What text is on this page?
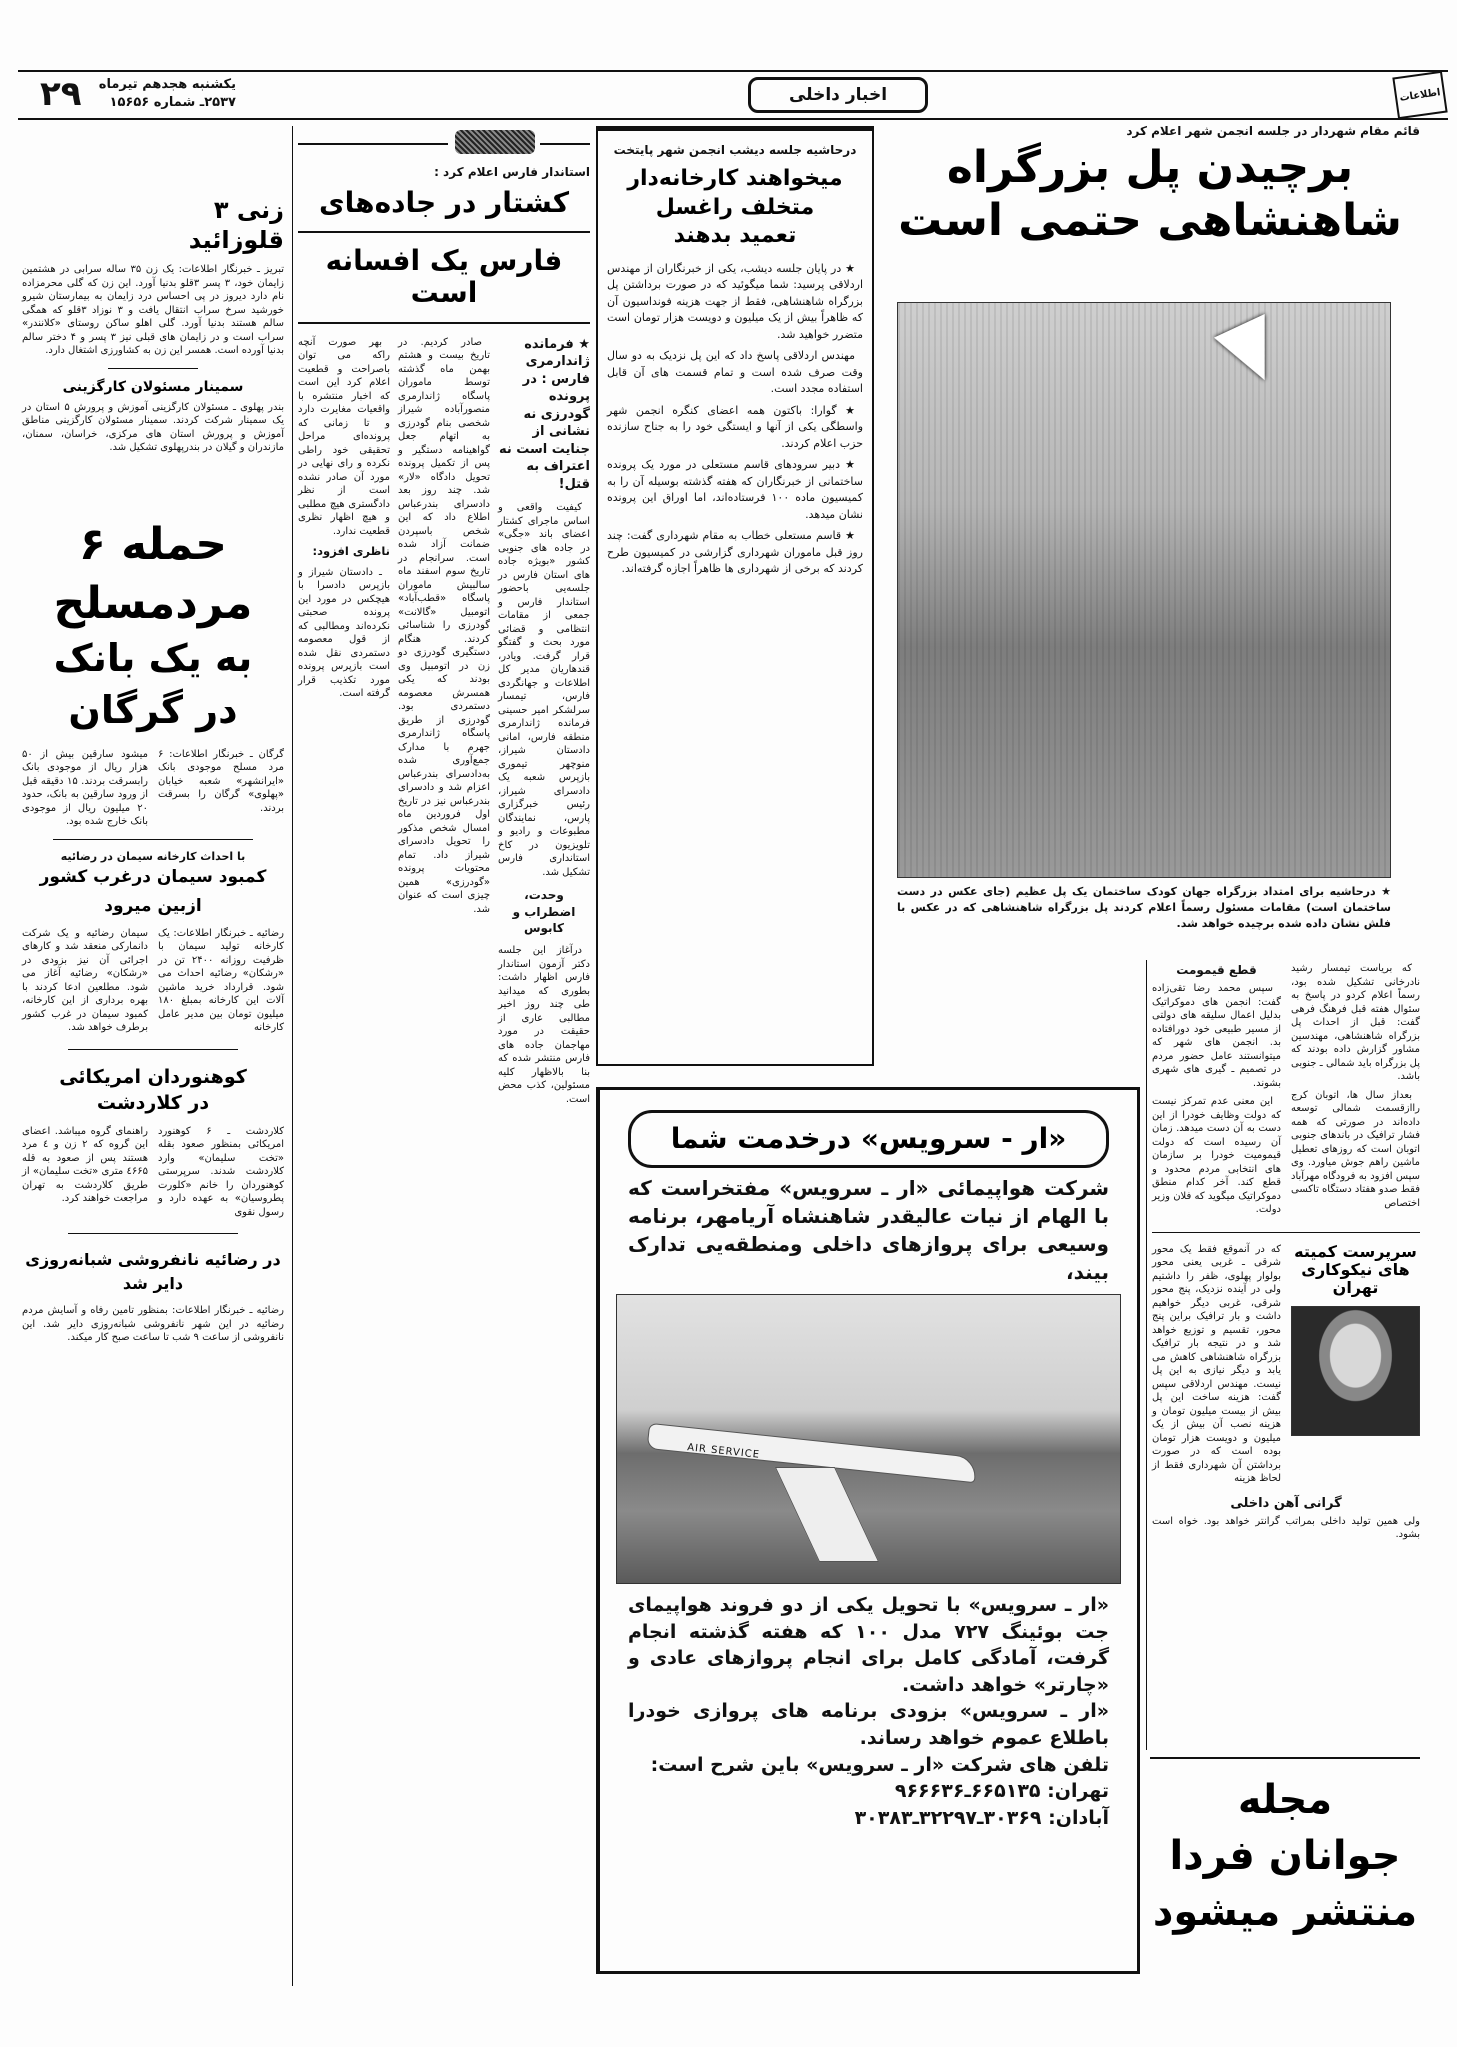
اطلاعات
اخبار داخلی
۲۹ یکشنبه هجدهم تیرماه
۲۵۳۷ـ شماره ۱۵۶۵۶
قائم مقام شهردار در جلسه انجمن شهر اعلام کرد
برچیدن پل بزرگراه
شاهنشاهی حتمی است
★ درحاشیه برای امتداد بزرگراه جهان کودک ساختمان یک پل عظیم (جای عکس در دست ساختمان است) مقامات مسئول رسماً اعلام کردند پل بزرگراه شاهنشاهی که در عکس با فلش نشان داده شده برچیده خواهد شد.

که بریاست تیمسار رشید نادرخانی تشکیل شده بود، رسماً اعلام کردو در پاسخ به سئوال هفته قبل فرهنگ فرهی گفت: قبل از احداث پل بزرگراه شاهنشاهی، مهندسین مشاور گزارش داده بودند که پل بزرگراه باید شمالی ـ جنوبی باشد.

بعداز سال ها، اتوبان کرج راازقسمت شمالی توسعه داده‌اند در صورتی که همه فشار ترافیک در باندهای جنوبی اتوبان است که روزهای تعطیل ماشین راهم جوش میاورد. وی سپس افزود به فرودگاه مهرآباد فقط صدو هفتاد دستگاه تاکسی اختصاص

قطع قیمومت

سپس محمد رضا تقی‌زاده گفت: انجمن های دموکراتیک بدلیل اعمال سلیقه های دولتی از مسیر طبیعی خود دورافتاده بد. انجمن های شهر که میتوانستند عامل حضور مردم در تصمیم ـ گیری های شهری بشوند.

این معنی عدم تمرکز نیست که دولت وظایف خودرا از این دست به آن دست میدهد. زمان آن رسیده است که دولت قیمومیت خودرا بر سازمان های انتخابی مردم محدود و قطع کند. آخر کدام منطق دموکراتیک میگوید که فلان وزیر دولت.

سرپرست کمیته
های نیکوکاری
تهران
که در آنموقع فقط یک محور شرقی ـ غربی یعنی محور بولوار پهلوی، ظفر را داشتیم ولی در آینده نزدیک، پنج محور شرقی، غربی دیگر خواهیم داشت و بار ترافیک براین پنج محور، تقسیم و توزیع خواهد شد و در نتیجه بار ترافیک بزرگراه شاهنشاهی کاهش می یابد و دیگر نیازی به این پل نیست. مهندس اردلاقی سپس گفت: هزینه ساخت این پل بیش از بیست میلیون تومان و هزینه نصب آن بیش از یک میلیون و دویست هزار تومان بوده است که در صورت برداشتن آن شهرداری فقط از لحاظ هزینه
گرانی آهن داخلی
ولی همین تولید داخلی بمراتب گرانتر خواهد بود. خواه است بشود.
مجله
جوانان فردا
منتشر میشود
درحاشیه جلسه دیشب انجمن شهر پایتخت
میخواهند کارخانه‌دار
متخلف راغسل
تعمید بدهند

★ در پایان جلسه دیشب، یکی از خبرنگاران از مهندس اردلاقی پرسید: شما میگوئید که در صورت برداشتن پل بزرگراه شاهنشاهی، فقط از جهت هزینه فونداسیون آن که ظاهراً بیش از یک میلیون و دویست هزار تومان است متضرر خواهید شد.

مهندس اردلاقی پاسخ داد که این پل نزدیک به دو سال وقت صرف شده است و تمام قسمت های آن قابل استفاده مجدد است.

★ گوارا: باکتون همه اعضای کنگره انجمن شهر واسطگی یکی از آنها و ایستگی خود را به جناح سازنده حزب اعلام کردند.

★ دبیر سرودهای قاسم مستعلی در مورد یک پرونده ساختمانی از خبرنگاران که هفته گذشته بوسیله آن را به کمیسیون ماده ۱۰۰ فرستاده‌اند، اما اوراق این پرونده نشان میدهد.

★ قاسم مستعلی خطاب به مقام شهرداری گفت: چند روز قبل ماموران شهرداری گزارشی در کمیسیون طرح کردند که برخی از شهرداری ها ظاهراً اجازه گرفته‌اند.

استاندار فارس اعلام کرد :
کشتار در جاده‌های
فارس یک افسانه است
★ فرمانده ژاندارمری فارس : در پرونده گودرزی نه نشانی از جنایت است نه اعتراف به قتل!

کیفیت واقعی و اساس ماجرای کشتار اعضای باند «جگی» در جاده های جنوبی کشور «بویژه جاده های استان فارس در جلسه‌یی باحضور استاندار فارس و جمعی از مقامات انتظامی و قضائی مورد بحث و گفتگو قرار گرفت. ویادر، قندهاریان مدیر کل اطلاعات و جهانگردی فارس، تیمسار سرلشکر امیر حسینی فرمانده ژاندارمری منطقه فارس، امانی دادستان شیراز، منوچهر تیموری بازپرس شعبه یک دادسرای شیراز، رئیس خبرگزاری پارس، نمایندگان مطبوعات و رادیو و تلویزیون در کاخ استانداری فارس تشکیل شد.

وحدت، اضطراب و کابوس

درآغاز این جلسه دکتر آزمون استاندار فارس اظهار داشت: بطوری که میدانید طی چند روز اخیر مطالبی عاری از حقیقت در مورد مهاجمان جاده های فارس منتشر شده که بنا بالاظهار کلیه مسئولین، کذب محض است.

صادر کردیم. در تاریخ بیست و هشتم بهمن ماه گذشته توسط ماموران پاسگاه ژاندارمری منصورآباده شیراز شخصی بنام گودرزی به اتهام جعل گواهینامه دستگیر و پس از تکمیل پرونده تحویل دادگاه «لار» شد. چند روز بعد دادسرای بندرعباس اطلاع داد که این شخص باسپردن ضمانت آزاد شده است. سرانجام در تاریخ سوم اسفند ماه سالبیش ماموران پاسگاه «قطب‌آباد» اتومبیل «گالانت» گودرزی را شناسائی کردند. هنگام دستگیری گودرزی دو زن در اتومبیل وی بودند که یکی همسرش معصومه دستمردی بود. گودرزی از طریق پاسگاه ژاندارمری جهرم با مدارک جمع‌آوری شده به‌دادسرای بندرعباس اعزام شد و دادسرای بندرعباس نیز در تاریخ اول فروردین ماه امسال شخص مذکور را تحویل دادسرای شیراز داد. تمام محتویات پرونده «گودرزی» همین چیزی است که عنوان شد.

بهر صورت آنچه راکه می توان باصراحت و قطعیت اعلام کرد این است که اخبار منتشره با واقعیات مغایرت دارد و تا زمانی که پرونده‌ای مراحل تحقیقی خود راطی نکرده و رای نهایی در مورد آن صادر نشده است از نظر دادگستری هیچ مطلبی و هیچ اظهار نظری قطعیت ندارد.

ناظری افزود:

ـ دادستان شیراز و بازپرس دادسرا با هیچکس در مورد این پرونده صحبتی نکرده‌اند ومطالبی که از قول معصومه دستمردی نقل شده است بازپرس پرونده مورد تکذیب قرار گرفته است.

زنی ۳
قلوزائید
تبریز ـ خبرنگار اطلاعات: یک زن ۳۵ ساله سرابی در هشتمین زایمان خود، ۳ پسر ۳قلو بدنیا آورد. این زن که گلی محرمزاده نام دارد دیروز در پی احساس درد زایمان به بیمارستان شیرو خورشید سرخ سراب انتقال یافت و ۳ نوزاد ۳قلو که همگی سالم هستند بدنیا آورد. گلی اهلو ساکن روستای «کلانندر» سراب است و در زایمان های قبلی نیز ۳ پسر و ۴ دختر سالم بدنیا آورده است. همسر این زن به کشاورزی اشتغال دارد.
سمینار مسئولان کارگزینی
بندر پهلوی ـ مسئولان کارگزینی آموزش و پرورش ۵ استان در یک سمینار شرکت کردند. سمینار مسئولان کارگزینی مناطق آموزش و پرورش استان های مرکزی، خراسان، سمنان، مازندران و گیلان در بندرپهلوی تشکیل شد.
حمله ۶
مردمسلح
به یک بانک
در گرگان
گرگان ـ خبرنگار اطلاعات: ۶ مرد مسلح موجودی بانک «ایرانشهر» شعبه خیابان «پهلوی» گرگان را بسرقت بردند.
میشود سارقین بیش از ۵۰ هزار ریال از موجودی بانک رابسرقت بردند. ۱۵ دقیقه قبل از ورود سارقین به بانک، حدود ۲۰ میلیون ریال از موجودی بانک خارج شده بود.
با احداث کارخانه سیمان در رضائیه
کمبود سیمان درغرب کشور
ازبین میرود
رضائیه ـ خبرنگار اطلاعات: یک کارخانه تولید سیمان با ظرفیت روزانه ۲۴۰۰ تن در «رشکان» رضائیه احداث می شود. قرارداد خرید ماشین آلات این کارخانه بمبلغ ۱۸۰ میلیون تومان بین مدیر عامل کارخانه
سیمان رضائیه و یک شرکت دانمارکی منعقد شد و کارهای اجرائی آن نیز بزودی در «رشکان» رضائیه آغاز می شود. مطلعین ادعا کردند با بهره برداری از این کارخانه، کمبود سیمان در غرب کشور برطرف خواهد شد.
کوهنوردان امریکائی
در کلاردشت
کلاردشت ـ ۶ کوهنورد امریکائی بمنظور صعود بقله «تخت سلیمان» وارد کلاردشت شدند. سرپرستی کوهنوردان را خانم «کلورت پطروسیان» به عهده دارد و رسول نقوی
راهنمای گروه میباشد. اعضای این گروه که ۲ زن و ٤ مرد هستند پس از صعود به قله ٤۶۶۵ متری «تخت سلیمان» از طریق کلاردشت به تهران مراجعت خواهند کرد.
در رضائیه نانفروشی شبانه‌روزی
دایر شد
رضائیه ـ خبرنگار اطلاعات: بمنظور تامین رفاه و آسایش مردم رضائیه در این شهر نانفروشی شبانه‌روزی دایر شد. این نانفروشی از ساعت ۹ شب تا ساعت صبح کار میکند.
«ار - سرویس» درخدمت شما
شرکت هواپیمائی «ار ـ سرویس» مفتخراست که با الهام از نیات عالیقدر شاهنشاه آریامهر، برنامه وسیعی برای پروازهای داخلی ومنطقه‌یی تدارک بیند،
AIR SERVICE
«ار ـ سرویس» با تحویل یکی از دو فروند هواپیمای جت بوئینگ ۷۲۷ مدل ۱۰۰ که هفته گذشته انجام گرفت، آمادگی کامل برای انجام پروازهای عادی و «چارتر» خواهد داشت.
«ار ـ سرویس» بزودی برنامه های پروازی خودرا باطلاع عموم خواهد رساند.
تلفن های شرکت «ار ـ سرویس» باین شرح است:
تهران: ۶۶۵۱۳۵ـ۹۶۶۶۳۶
آبادان: ۳۰۳۶۹ـ۳۲۲۹۷ـ۳۰۳۸۳
